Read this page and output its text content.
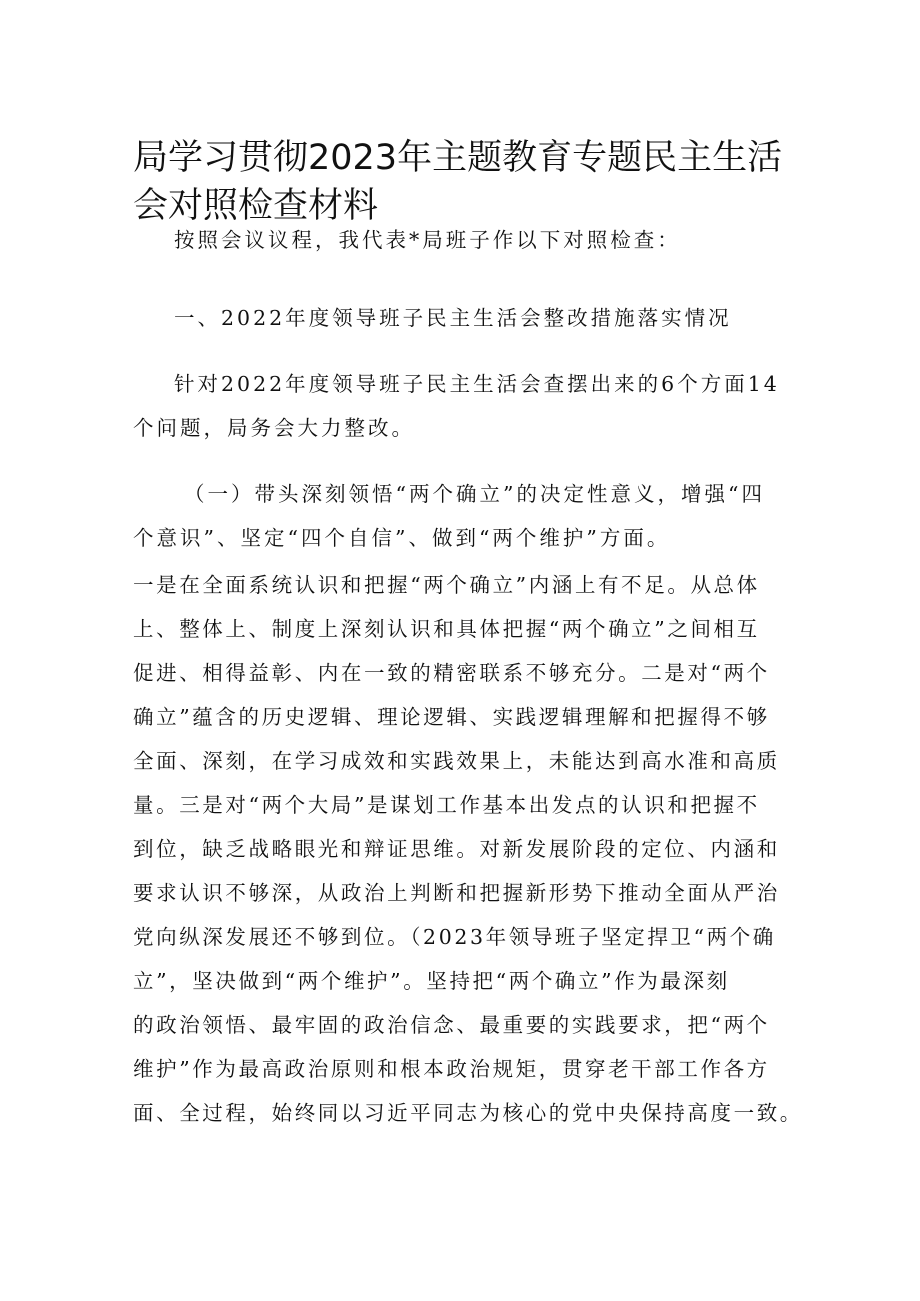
局学习贯彻2023年主题教育专题民主生活
会对照检查材料

按照会议议程，我代表*局班子作以下对照检查：

一、2022年度领导班子民主生活会整改措施落实情况

针对2022年度领导班子民主生活会查摆出来的6个方面14
个问题，局务会大力整改。

（一）带头深刻领悟“两个确立”的决定性意义，增强“四
个意识”、坚定“四个自信”、做到“两个维护”方面。

一是在全面系统认识和把握“两个确立”内涵上有不足。从总体
上、整体上、制度上深刻认识和具体把握“两个确立”之间相互
促进、相得益彰、内在一致的精密联系不够充分。二是对“两个
确立”蕴含的历史逻辑、理论逻辑、实践逻辑理解和把握得不够
全面、深刻，在学习成效和实践效果上，未能达到高水准和高质
量。三是对“两个大局”是谋划工作基本出发点的认识和把握不
到位，缺乏战略眼光和辩证思维。对新发展阶段的定位、内涵和
要求认识不够深，从政治上判断和把握新形势下推动全面从严治
党向纵深发展还不够到位。（2023年领导班子坚定捍卫“两个确
立”，坚决做到“两个维护”。坚持把“两个确立”作为最深刻
的政治领悟、最牢固的政治信念、最重要的实践要求，把“两个
维护”作为最高政治原则和根本政治规矩，贯穿老干部工作各方
面、全过程，始终同以习近平同志为核心的党中央保持高度一致。
